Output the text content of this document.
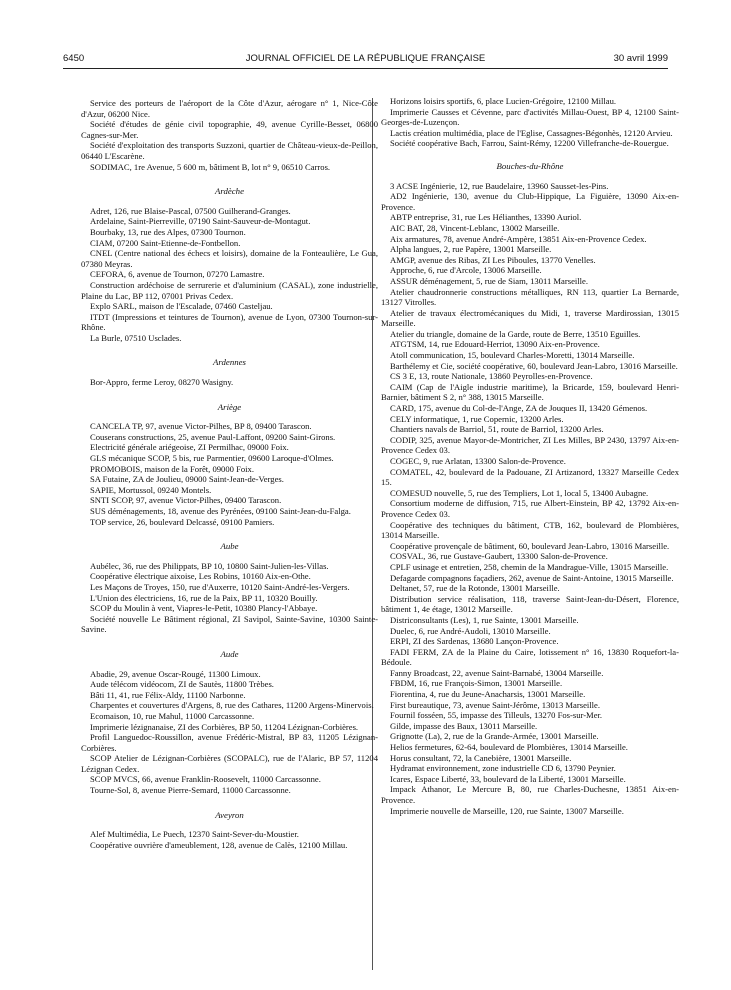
6450	JOURNAL OFFICIEL DE LA RÉPUBLIQUE FRANÇAISE	30 avril 1999

Service des porteurs de l'aéroport de la Côte d'Azur, aérogare n° 1, Nice-Côte d'Azur, 06200 Nice.

Société d'études de génie civil topographie, 49, avenue Cyrille-Besset, 06800 Cagnes-sur-Mer.

Société d'exploitation des transports Suzzoni, quartier de Château-vieux-de-Peillon, 06440 L'Escarène.

SODIMAC, 1re Avenue, 5 600 m, bâtiment B, lot n° 9, 06510 Carros.

Ardèche

Adret, 126, rue Blaise-Pascal, 07500 Guilherand-Granges.

Ardelaine, Saint-Pierreville, 07190 Saint-Sauveur-de-Montagut.

Bourbaky, 13, rue des Alpes, 07300 Tournon.

CIAM, 07200 Saint-Etienne-de-Fontbellon.

CNEL (Centre national des échecs et loisirs), domaine de la Fonteaulière, Le Gua, 07380 Meyras.

CEFORA, 6, avenue de Tournon, 07270 Lamastre.

Construction ardéchoise de serrurerie et d'aluminium (CASAL), zone industrielle, Plaine du Lac, BP 112, 07001 Privas Cedex.

Explo SARL, maison de l'Escalade, 07460 Casteljau.

ITDT (Impressions et teintures de Tournon), avenue de Lyon, 07300 Tournon-sur-Rhône.

La Burle, 07510 Usclades.

Ardennes

Bor-Appro, ferme Leroy, 08270 Wasigny.

Ariège

CANCELA TP, 97, avenue Victor-Pilhes, BP 8, 09400 Tarascon.

Couserans constructions, 25, avenue Paul-Laffont, 09200 Saint-Girons.

Electricité générale ariégeoise, ZI Permilhac, 09000 Foix.

GLS mécanique SCOP, 5 bis, rue Parmentier, 09600 Laroque-d'Olmes.

PROMOBOIS, maison de la Forêt, 09000 Foix.

SA Futaine, ZA de Joulieu, 09000 Saint-Jean-de-Verges.

SAPIE, Mortussol, 09240 Montels.

SNTI SCOP, 97, avenue Victor-Pilhes, 09400 Tarascon.

SUS déménagements, 18, avenue des Pyrénées, 09100 Saint-Jean-du-Falga.

TOP service, 26, boulevard Delcassé, 09100 Pamiers.

Aube

Aubélec, 36, rue des Philippats, BP 10, 10800 Saint-Julien-les-Villas.

Coopérative électrique aixoise, Les Robins, 10160 Aix-en-Othe.

Les Maçons de Troyes, 150, rue d'Auxerre, 10120 Saint-André-les-Vergers.

L'Union des électriciens, 16, rue de la Paix, BP 11, 10320 Bouilly.

SCOP du Moulin à vent, Viapres-le-Petit, 10380 Plancy-l'Abbaye.

Société nouvelle Le Bâtiment régional, ZI Savipol, Sainte-Savine, 10300 Sainte-Savine.

Aude

Abadie, 29, avenue Oscar-Rougé, 11300 Limoux.

Aude télécom vidéocom, ZI de Sautès, 11800 Trèbes.

Bâti 11, 41, rue Félix-Aldy, 11100 Narbonne.

Charpentes et couvertures d'Argens, 8, rue des Cathares, 11200 Argens-Minervois.

Ecomaison, 10, rue Mahul, 11000 Carcassonne.

Imprimerie lézignanaise, ZI des Corbières, BP 50, 11204 Lézignan-Corbières.

Profil Languedoc-Roussillon, avenue Frédéric-Mistral, BP 83, 11205 Lézignan-Corbières.

SCOP Atelier de Lézignan-Corbières (SCOPALC), rue de l'Alaric, BP 57, 11204 Lézignan Cedex.

SCOP MVCS, 66, avenue Franklin-Roosevelt, 11000 Carcassonne.

Tourne-Sol, 8, avenue Pierre-Semard, 11000 Carcassonne.

Aveyron

Alef Multimédia, Le Puech, 12370 Saint-Sever-du-Moustier.

Coopérative ouvrière d'ameublement, 128, avenue de Calès, 12100 Millau.

Horizons loisirs sportifs, 6, place Lucien-Grégoire, 12100 Millau.

Imprimerie Causses et Cévenne, parc d'activités Millau-Ouest, BP 4, 12100 Saint-Georges-de-Luzençon.

Lactis création multimédia, place de l'Eglise, Cassagnes-Bégonhès, 12120 Arvieu.

Société coopérative Bach, Farrou, Saint-Rémy, 12200 Villefranche-de-Rouergue.

Bouches-du-Rhône

3 ACSE Ingénierie, 12, rue Baudelaire, 13960 Sausset-les-Pins.

AD2 Ingénierie, 130, avenue du Club-Hippique, La Figuière, 13090 Aix-en-Provence.

ABTP entreprise, 31, rue Les Hélianthes, 13390 Auriol.

AIC BAT, 28, Vincent-Leblanc, 13002 Marseille.

Aix armatures, 78, avenue André-Ampère, 13851 Aix-en-Provence Cedex.

Alpha langues, 2, rue Papère, 13001 Marseille.

AMGP, avenue des Ribas, ZI Les Piboules, 13770 Venelles.

Approche, 6, rue d'Arcole, 13006 Marseille.

ASSUR déménagement, 5, rue de Siam, 13011 Marseille.

Atelier chaudronnerie constructions métalliques, RN 113, quartier La Bernarde, 13127 Vitrolles.

Atelier de travaux électromécaniques du Midi, 1, traverse Mardirossian, 13015 Marseille.

Atelier du triangle, domaine de la Garde, route de Berre, 13510 Eguilles.

ATGTSM, 14, rue Edouard-Herriot, 13090 Aix-en-Provence.

Atoll communication, 15, boulevard Charles-Moretti, 13014 Marseille.

Barthélemy et Cie, société coopérative, 60, boulevard Jean-Labro, 13016 Marseille.

CS 3 E, 13, route Nationale, 13860 Peyrolles-en-Provence.

CAIM (Cap de l'Aigle industrie maritime), la Bricarde, 159, boulevard Henri-Barnier, bâtiment S 2, n° 388, 13015 Marseille.

CARD, 175, avenue du Col-de-l'Ange, ZA de Jouques II, 13420 Gémenos.

CELY informatique, 1, rue Copernic, 13200 Arles.

Chantiers navals de Barriol, 51, route de Barriol, 13200 Arles.

CODIP, 325, avenue Mayor-de-Montricher, ZI Les Milles, BP 2430, 13797 Aix-en-Provence Cedex 03.

COGEC, 9, rue Arlatan, 13300 Salon-de-Provence.

COMATEL, 42, boulevard de la Padouane, ZI Artizanord, 13327 Marseille Cedex 15.

COMESUD nouvelle, 5, rue des Templiers, Lot 1, local 5, 13400 Aubagne.

Consortium moderne de diffusion, 715, rue Albert-Einstein, BP 42, 13792 Aix-en-Provence Cedex 03.

Coopérative des techniques du bâtiment, CTB, 162, boulevard de Plombières, 13014 Marseille.

Coopérative provençale de bâtiment, 60, boulevard Jean-Labro, 13016 Marseille.

COSVAL, 36, rue Gustave-Gaubert, 13300 Salon-de-Provence.

CPLF usinage et entretien, 258, chemin de la Mandrague-Ville, 13015 Marseille.

Defagarde compagnons façadiers, 262, avenue de Saint-Antoine, 13015 Marseille.

Deltanet, 57, rue de la Rotonde, 13001 Marseille.

Distribution service réalisation, 118, traverse Saint-Jean-du-Désert, Florence, bâtiment 1, 4e étage, 13012 Marseille.

Districonsultants (Les), 1, rue Sainte, 13001 Marseille.

Duelec, 6, rue André-Audoli, 13010 Marseille.

ERPI, ZI des Sardenas, 13680 Lançon-Provence.

FADI FERM, ZA de la Plaine du Caire, lotissement n° 16, 13830 Roquefort-la-Bédoule.

Fanny Broadcast, 22, avenue Saint-Barnabé, 13004 Marseille.

FBDM, 16, rue François-Simon, 13001 Marseille.

Fiorentina, 4, rue du Jeune-Anacharsis, 13001 Marseille.

First bureautique, 73, avenue Saint-Jérôme, 13013 Marseille.

Fournil fosséen, 55, impasse des Tilleuls, 13270 Fos-sur-Mer.

Gilde, impasse des Baux, 13011 Marseille.

Grignotte (La), 2, rue de la Grande-Armée, 13001 Marseille.

Helios fermetures, 62-64, boulevard de Plombières, 13014 Marseille.

Horus consultant, 72, la Canebière, 13001 Marseille.

Hydramat environnement, zone industrielle CD 6, 13790 Peynier.

Icares, Espace Liberté, 33, boulevard de la Liberté, 13001 Marseille.

Impack Athanor, Le Mercure B, 80, rue Charles-Duchesne, 13851 Aix-en-Provence.

Imprimerie nouvelle de Marseille, 120, rue Sainte, 13007 Marseille.
